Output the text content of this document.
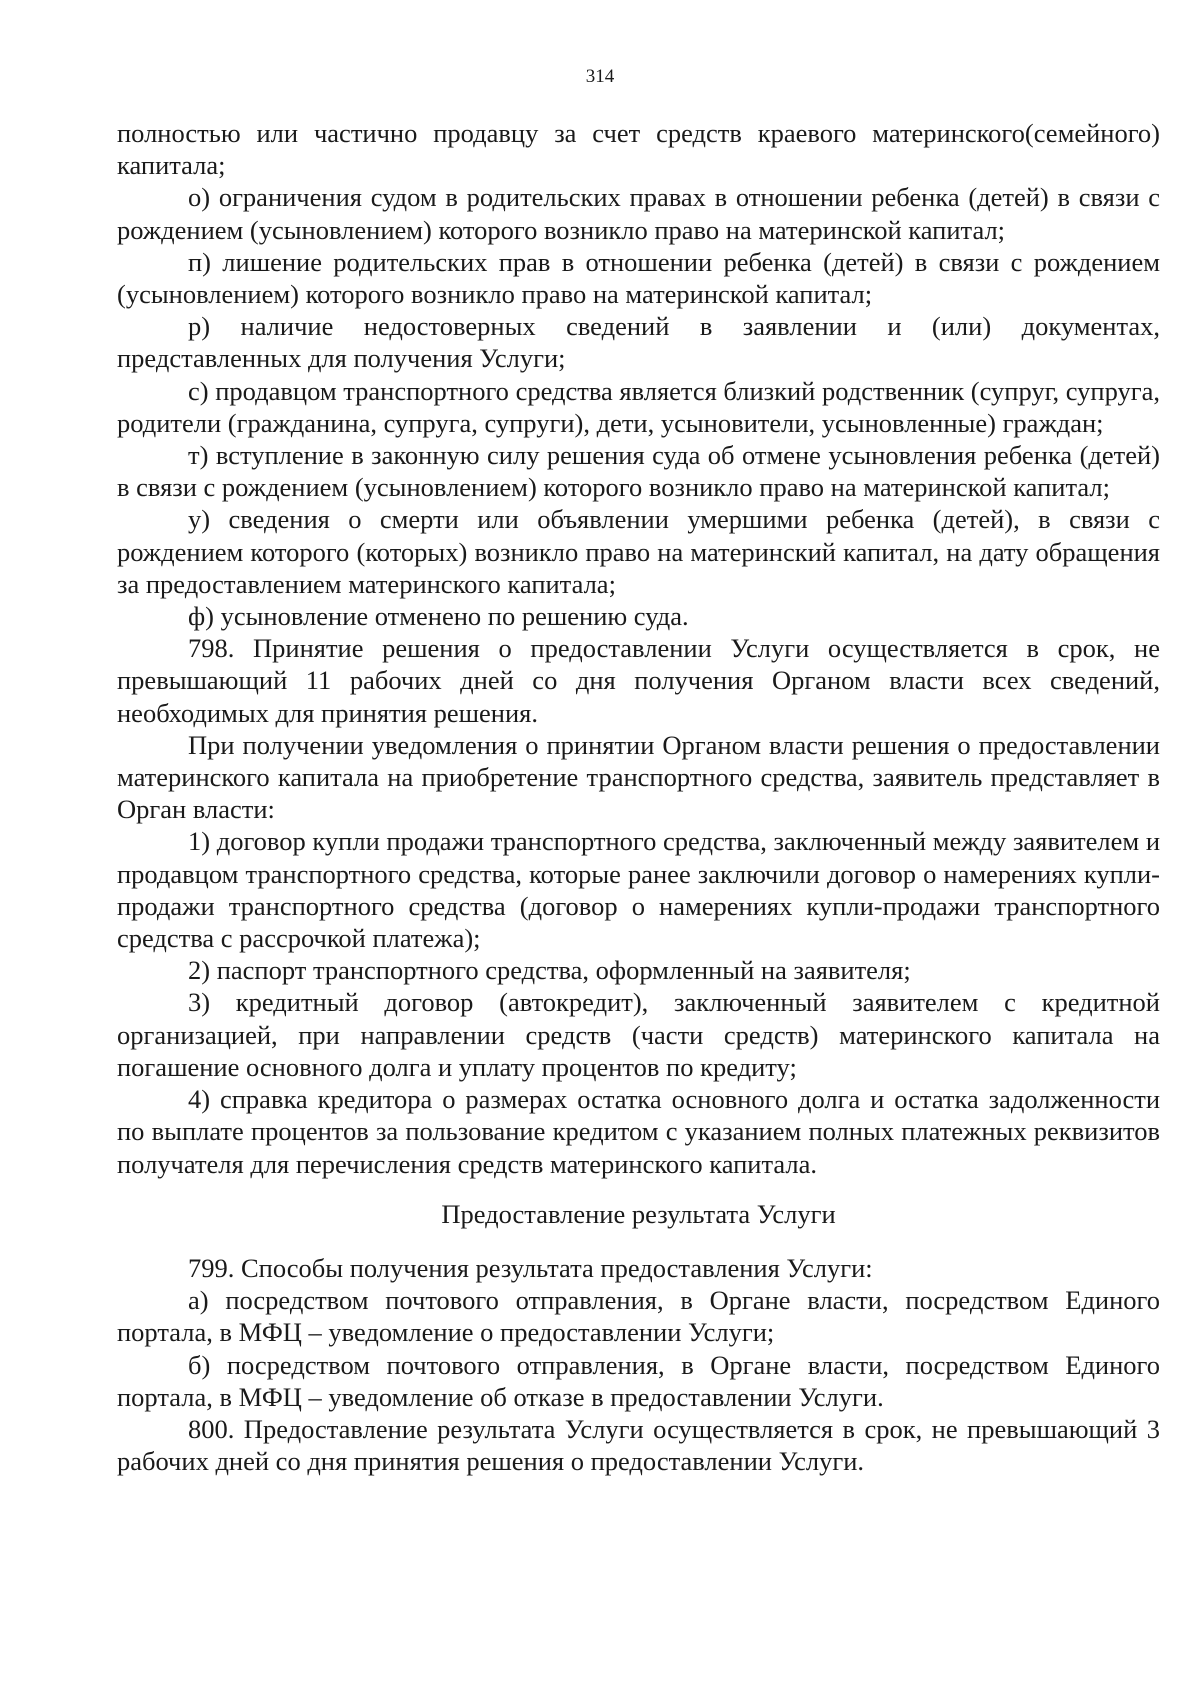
314

полностью или частично продавцу за счет средств краевого материнского(семейного) капитала;

о) ограничения судом в родительских правах в отношении ребенка (детей) в связи с рождением (усыновлением) которого возникло право на материнской капитал;

п) лишение родительских прав в отношении ребенка (детей) в связи с рождением (усыновлением) которого возникло право на материнской капитал;

р) наличие недостоверных сведений в заявлении и (или) документах, представленных для получения Услуги;

с) продавцом транспортного средства является близкий родственник (супруг, супруга, родители (гражданина, супруга, супруги), дети, усыновители, усыновленные) граждан;

т) вступление в законную силу решения суда об отмене усыновления ребенка (детей) в связи с рождением (усыновлением) которого возникло право на материнской капитал;

у) сведения о смерти или объявлении умершими ребенка (детей), в связи с рождением которого (которых) возникло право на материнский капитал, на дату обращения за предоставлением материнского капитала;

ф) усыновление отменено по решению суда.

798. Принятие решения о предоставлении Услуги осуществляется в срок, не превышающий 11 рабочих дней со дня получения Органом власти всех сведений, необходимых для принятия решения.

При получении уведомления о принятии Органом власти решения о предоставлении материнского капитала на приобретение транспортного средства, заявитель представляет в Орган власти:

1) договор купли продажи транспортного средства, заключенный между заявителем и продавцом транспортного средства, которые ранее заключили договор о намерениях купли-продажи транспортного средства (договор о намерениях купли-продажи транспортного средства с рассрочкой платежа);

2) паспорт транспортного средства, оформленный на заявителя;

3) кредитный договор (автокредит), заключенный заявителем с кредитной организацией, при направлении средств (части средств) материнского капитала на погашение основного долга и уплату процентов по кредиту;

4) справка кредитора о размерах остатка основного долга и остатка задолженности по выплате процентов за пользование кредитом с указанием полных платежных реквизитов получателя для перечисления средств материнского капитала.

Предоставление результата Услуги

799. Способы получения результата предоставления Услуги:

а) посредством почтового отправления, в Органе власти, посредством Единого портала, в МФЦ – уведомление о предоставлении Услуги;

б) посредством почтового отправления, в Органе власти, посредством Единого портала, в МФЦ – уведомление об отказе в предоставлении Услуги.

800. Предоставление результата Услуги осуществляется в срок, не превышающий 3 рабочих дней со дня принятия решения о предоставлении Услуги.
